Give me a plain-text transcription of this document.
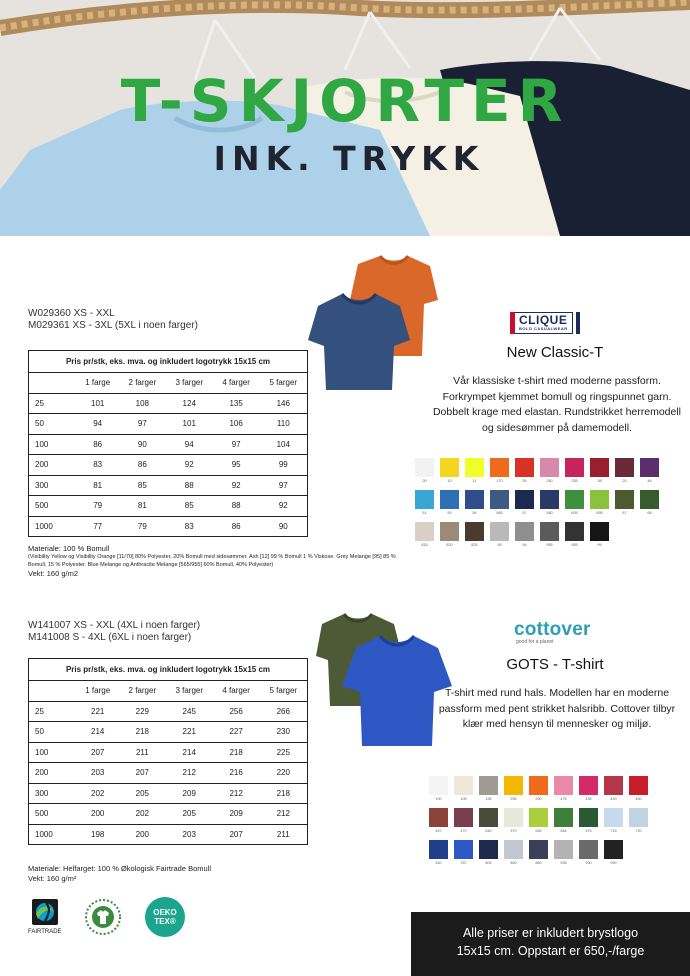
T-SKJORTER
INK. TRYKK
W029360 XS - XXL
M029361 XS - 3XL (5XL i noen farger)
Pris pr/stk, eks. mva. og inkludert logotrykk 15x15 cm					
	1 farge	2 farger	3 farger	4 farger	5 farger
25	101	108	124	135	146
50	94	97	101	106	110
100	86	90	94	97	104
200	83	86	92	95	99
300	81	85	88	92	97
500	79	81	85	88	92
1000	77	79	83	86	90
Materiale: 100 % Bomull
(Visibility Yellow og Visibility Orange [11/70] 80% Polyester, 20% Bomull med sidesømmer. Ash [12] 99 % Bomull 1 % Viskose. Grey Melange [95] 85 % Bomull, 15 % Polyester. Blue Melange og Anthracite Melange [565/955] 60% Bomull, 40% Polyester)
Vekt: 160 g/m2
CLIQUE
BOLD CASUALWEAR
New Classic-T
Vår klassiske t-shirt med moderne passform. Forkrympet kjemmet bomull og ringspunnet garn. Dobbelt krage med elastan. Rundstrikket herremodell og sidesømmer på damemodell.
00	10	11	170	35	250	255	38	25	46
51	55	56	565	57	580	605	695	67	68
815	820	825	95	94	955	955	99
W141007 XS - XXL (4XL i noen farger)
M141008 S - 4XL (6XL i noen farger)
Pris pr/stk, eks. mva. og inkludert logotrykk 15x15 cm					
	1 farge	2 farger	3 farger	4 farger	5 farger
25	221	229	245	256	266
50	214	218	221	227	230
100	207	211	214	218	225
200	203	207	212	216	220
300	202	205	209	212	218
500	200	202	205	209	212
1000	198	200	203	207	211
Materiale: Helfarget: 100 % Økologisk Fairtrade Bomull
Vekt: 160 g/m²
cottover
good for a planet
GOTS - T-shirt
T-shirt med rund hals. Modellen har en moderne passform med pent strikket halsribb. Cottover tilbyr klær med hensyn til mennesker og miljø.
100	105	155	255	290	475	435	440	450
457	470	540	570	545	584	575	715	720
440	787	805	850	880	935	930	990
FAIRTRADE
OEKO
TEX®
Alle priser er inkludert brystlogo
15x15 cm. Oppstart er 650,-/farge
